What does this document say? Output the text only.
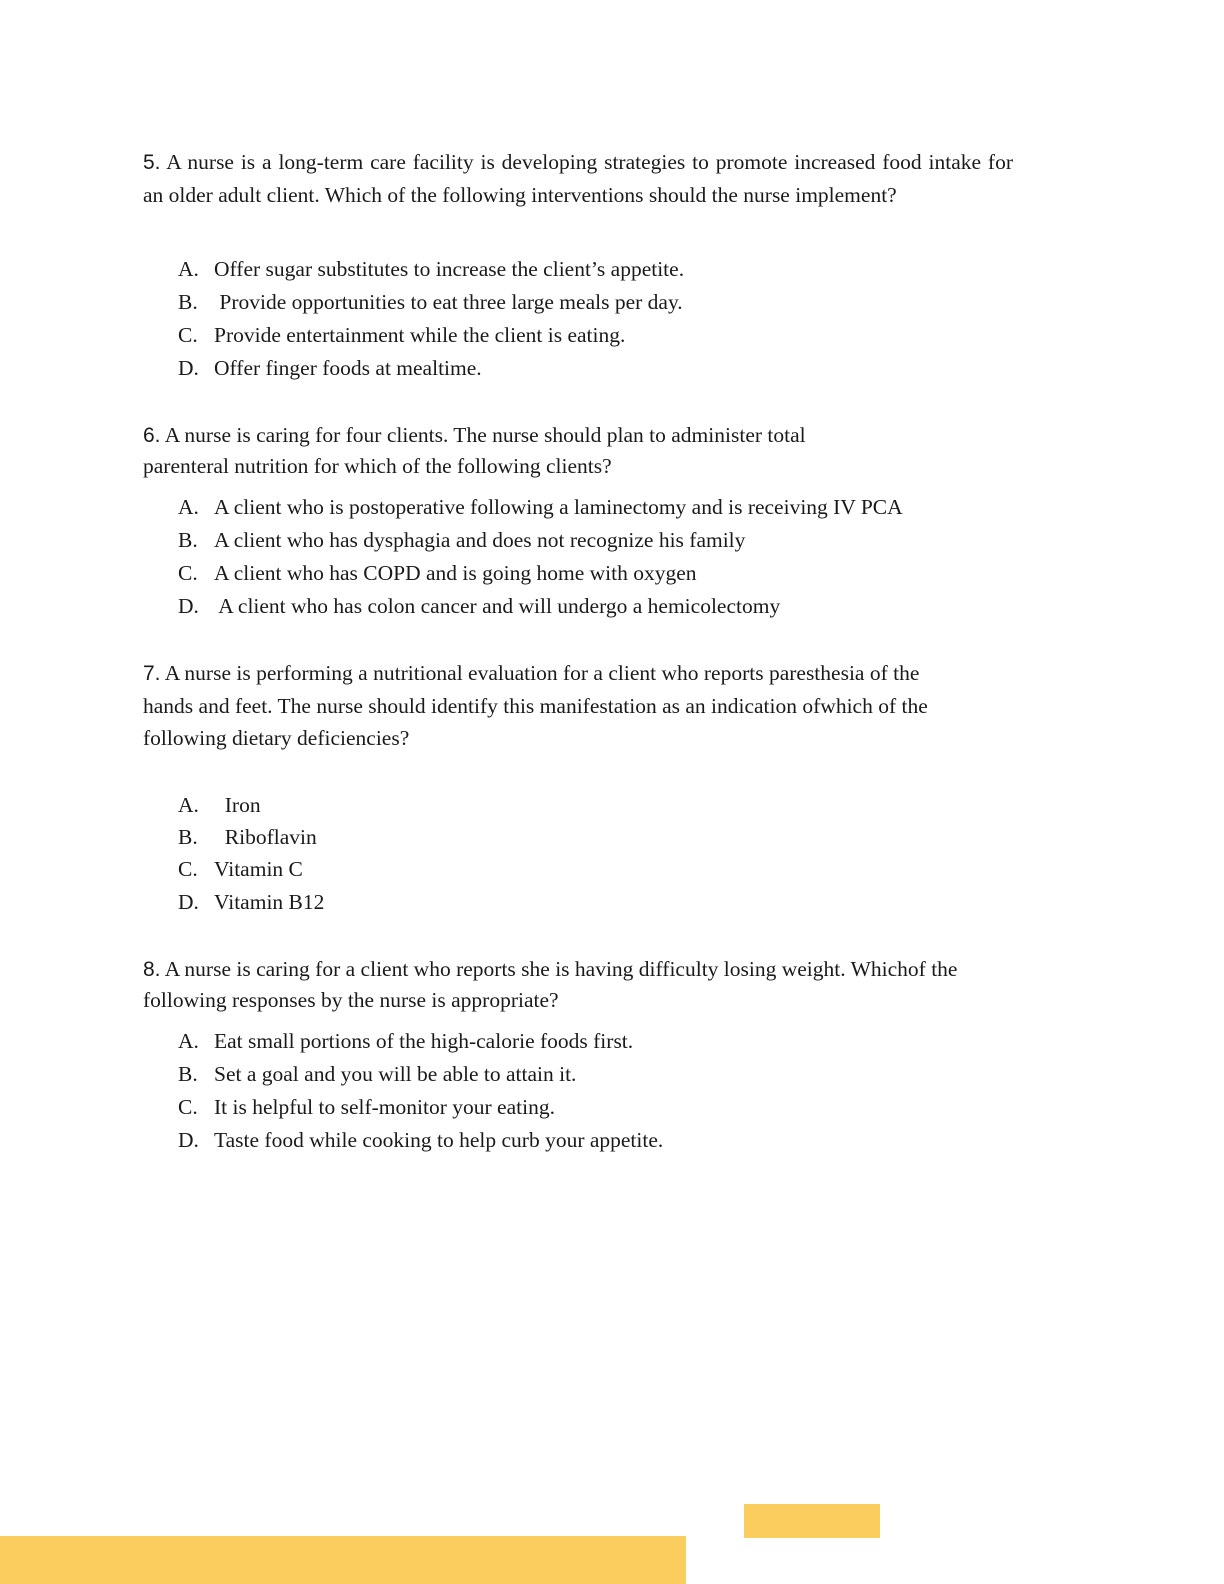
5. A nurse is a long-term care facility is developing strategies to promote increased food intake for an older adult client. Which of the following interventions should the nurse implement?

A. Offer sugar substitutes to increase the client’s appetite.
B. Provide opportunities to eat three large meals per day.
C. Provide entertainment while the client is eating.
D. Offer finger foods at mealtime.

6. A nurse is caring for four clients. The nurse should plan to administer total
parenteral nutrition for which of the following clients?

A. A client who is postoperative following a laminectomy and is receiving IV PCA
B. A client who has dysphagia and does not recognize his family
C. A client who has COPD and is going home with oxygen
D. A client who has colon cancer and will undergo a hemicolectomy

7. A nurse is performing a nutritional evaluation for a client who reports paresthesia of the
hands and feet. The nurse should identify this manifestation as an indication ofwhich of the
following dietary deficiencies?

A.  Iron
B.  Riboflavin
C. Vitamin C
D. Vitamin B12

8. A nurse is caring for a client who reports she is having difficulty losing weight. Whichof the
following responses by the nurse is appropriate?

A. Eat small portions of the high-calorie foods first.
B. Set a goal and you will be able to attain it.
C. It is helpful to self-monitor your eating.
D. Taste food while cooking to help curb your appetite.
